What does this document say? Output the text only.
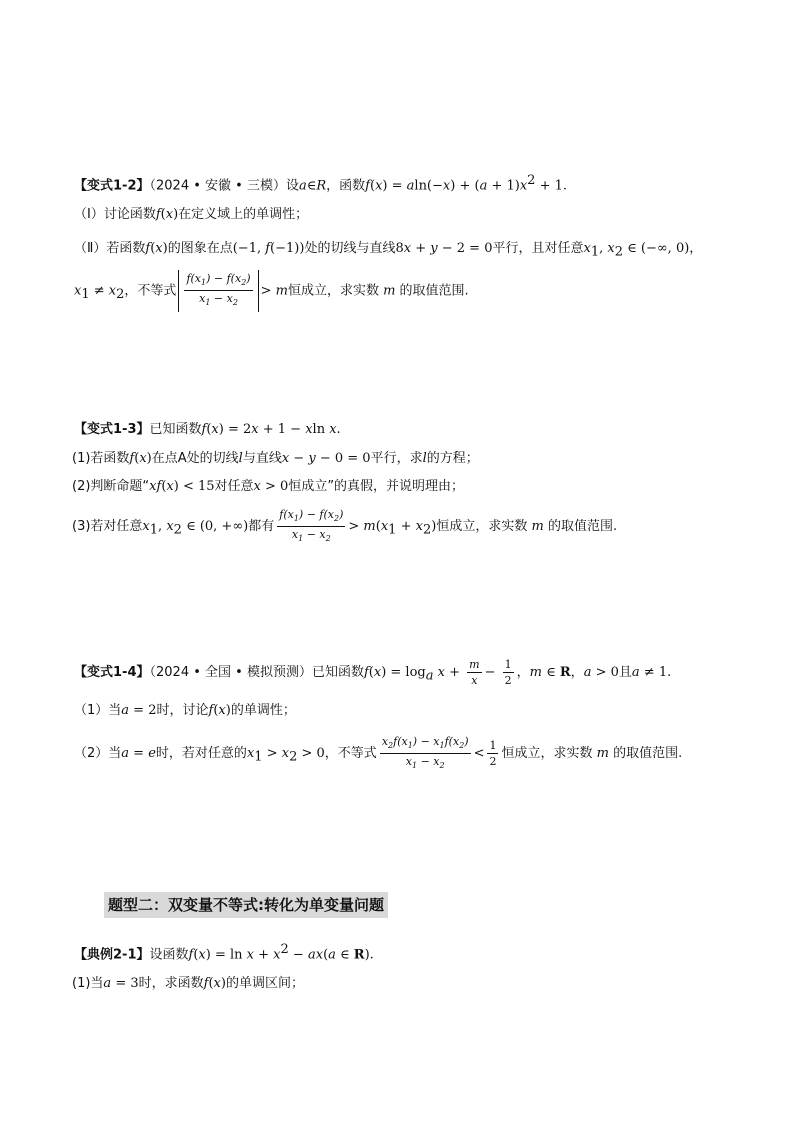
【变式1-2】（2024 • 安徽 • 三模）设a∈R，函数$f(x) = aln(-x) + (a + 1)x^2 + 1$.
（Ⅰ）讨论函数f(x)在定义域上的单调性；
（Ⅱ）若函数f(x)的图象在点(−1, f(−1))处的切线与直线8x + y − 2 = 0平行，且对任意$x_1$, $x_2$ ∈ (−∞, 0)，
$x_1 \ne x_2$，不等式 $\frac{f(x_1) - f(x_2)}{x_1 - x_2} > m$恒成立，求实数 m 的取值范围.
【变式1-3】已知函数f(x) = 2x + 1 − xln x.
(1)若函数f(x)在点A处的切线l与直线x − y − 0 = 0平行，求l的方程；
(2)判断命题“xf(x) < 15对任意x > 0恒成立”的真假，并说明理由；
(3)若对任意$x_1$, $x_2$ ∈ (0, +∞)都有 $\frac{f(x_1) - f(x_2)}{x_1 - x_2} > m(x_1 + x_2)$恒成立，求实数 m 的取值范围.
【变式1-4】（2024 • 全国 • 模拟预测）已知函数$f(x) = \log_a x + \frac{m}{x} - \frac{1}{2}$ ，m ∈ R，a > 0且a ≠ 1.
（1）当a = 2时，讨论f(x)的单调性；
（2）当a = e时，若对任意的$x_1 > x_2 > 0$，不等式 $\frac{x_2f(x_1) - x_1f(x_2)}{x_1 - x_2} < \frac{1}{2}$ 恒成立，求实数 m 的取值范围.
题型二：双变量不等式:转化为单变量问题
【典例2-1】设函数$f(x) = \ln x + x^2 - ax(a$ ∈ R).
(1)当a = 3时，求函数f(x)的单调区间；
